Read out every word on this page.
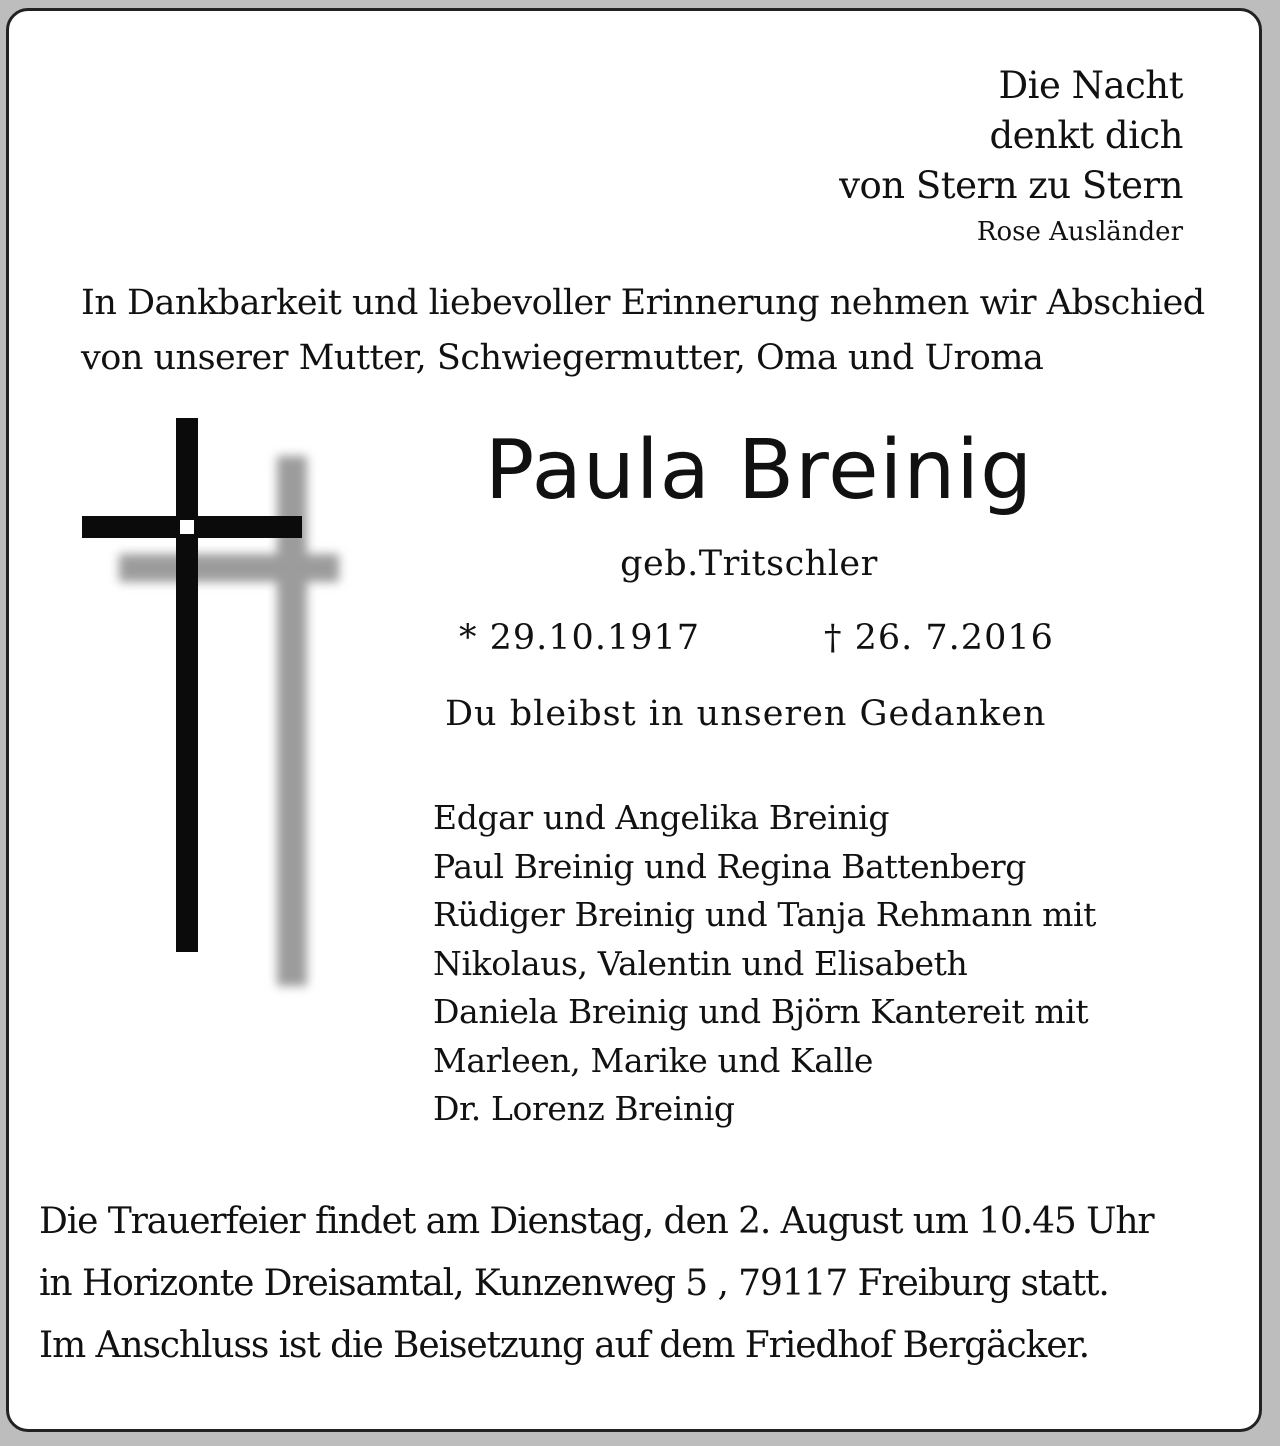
Die Nacht
denkt dich
von Stern zu Stern
Rose Ausländer
In Dankbarkeit und liebevoller Erinnerung nehmen wir Abschied
von unserer Mutter, Schwiegermutter, Oma und Uroma
Paula Breinig
geb.Tritschler
* 29.10.1917	† 26. 7.2016
Du bleibst in unseren Gedanken
Edgar und Angelika Breinig
Paul Breinig und Regina Battenberg
Rüdiger Breinig und Tanja Rehmann mit
Nikolaus, Valentin und Elisabeth
Daniela Breinig und Björn Kantereit mit
Marleen, Marike und Kalle
Dr. Lorenz Breinig
Die Trauerfeier findet am Dienstag, den 2. August um 10.45 Uhr
in Horizonte Dreisamtal, Kunzenweg 5 , 79117 Freiburg statt.
Im Anschluss ist die Beisetzung auf dem Friedhof Bergäcker.
